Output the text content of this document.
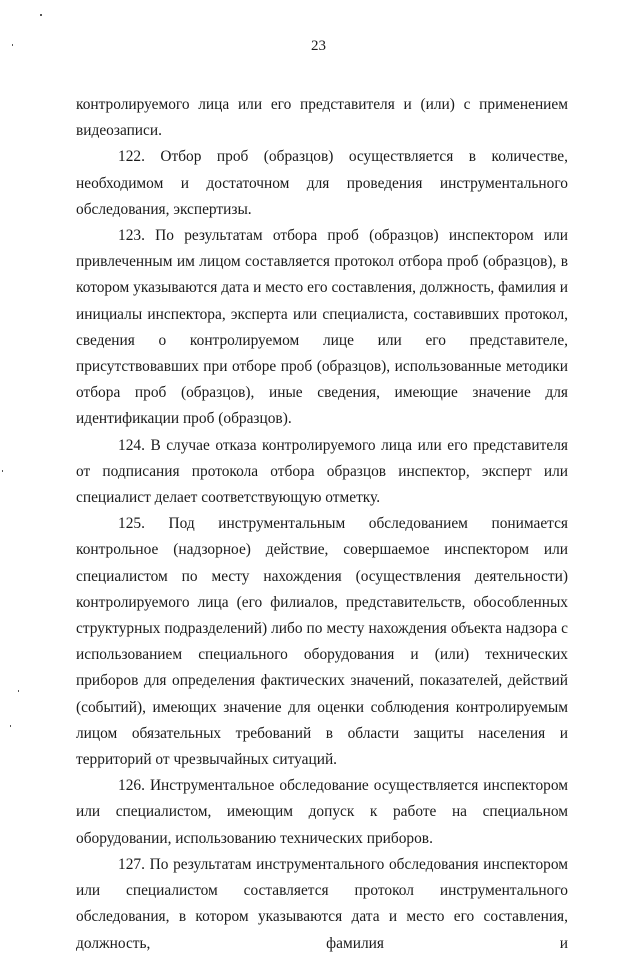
23

контролируемого лица или его представителя и (или) с применением видеозаписи.

122. Отбор проб (образцов) осуществляется в количестве, необходимом и достаточном для проведения инструментального обследования, экспертизы.

123. По результатам отбора проб (образцов) инспектором или привлеченным им лицом составляется протокол отбора проб (образцов), в котором указываются дата и место его составления, должность, фамилия и инициалы инспектора, эксперта или специалиста, составивших протокол, сведения о контролируемом лице или его представителе, присутствовавших при отборе проб (образцов), использованные методики отбора проб (образцов), иные сведения, имеющие значение для идентификации проб (образцов).

124. В случае отказа контролируемого лица или его представителя от подписания протокола отбора образцов инспектор, эксперт или специалист делает соответствующую отметку.

125. Под инструментальным обследованием понимается контрольное (надзорное) действие, совершаемое инспектором или специалистом по месту нахождения (осуществления деятельности) контролируемого лица (его филиалов, представительств, обособленных структурных подразделений) либо по месту нахождения объекта надзора с использованием специального оборудования и (или) технических приборов для определения фактических значений, показателей, действий (событий), имеющих значение для оценки соблюдения контролируемым лицом обязательных требований в области защиты населения и территорий от чрезвычайных ситуаций.

126. Инструментальное обследование осуществляется инспектором или специалистом, имеющим допуск к работе на специальном оборудовании, использованию технических приборов.

127. По результатам инструментального обследования инспектором или специалистом составляется протокол инструментального обследования, в котором указываются дата и место его составления, должность, фамилия и
